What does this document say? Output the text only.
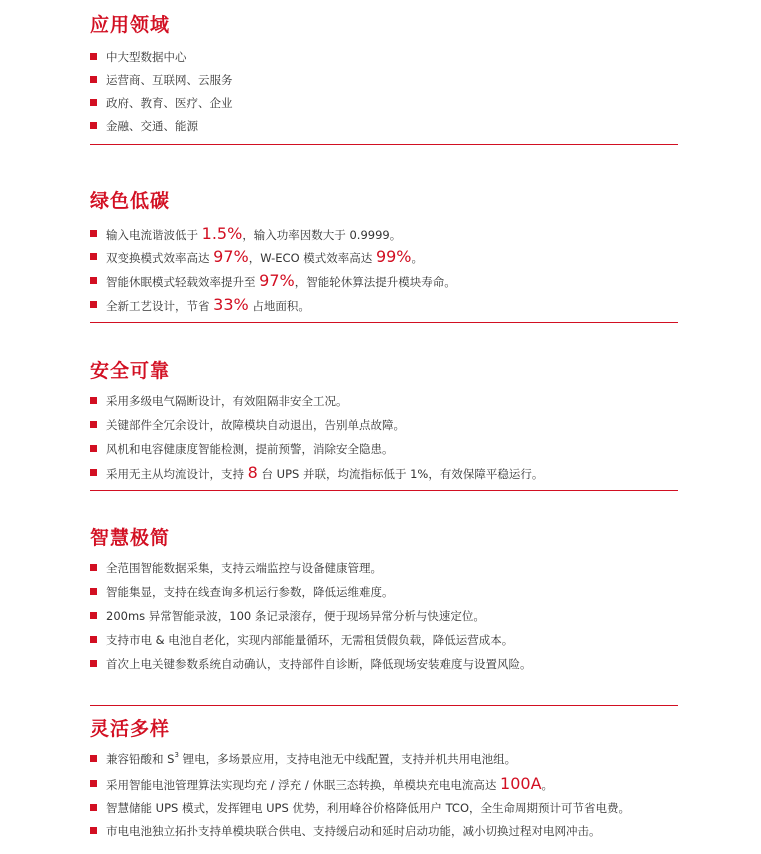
应用领域
中大型数据中心
运营商、互联网、云服务
政府、教育、医疗、企业
金融、交通、能源
绿色低碳
输入电流谐波低于 1.5%，输入功率因数大于 0.9999。
双变换模式效率高达 97%，W-ECO 模式效率高达 99%。
智能休眠模式轻载效率提升至 97%，智能轮休算法提升模块寿命。
全新工艺设计，节省 33% 占地面积。
安全可靠
采用多级电气隔断设计，有效阻隔非安全工况。
关键部件全冗余设计，故障模块自动退出，告别单点故障。
风机和电容健康度智能检测，提前预警，消除安全隐患。
采用无主从均流设计，支持 8 台 UPS 并联，均流指标低于 1%，有效保障平稳运行。
智慧极简
全范围智能数据采集，支持云端监控与设备健康管理。
智能集显，支持在线查询多机运行参数，降低运维难度。
200ms 异常智能录波，100 条记录滚存，便于现场异常分析与快速定位。
支持市电 & 电池自老化，实现内部能量循环，无需租赁假负载，降低运营成本。
首次上电关键参数系统自动确认，支持部件自诊断，降低现场安装难度与设置风险。
灵活多样
兼容铅酸和 $S^3$ 锂电，多场景应用，支持电池无中线配置，支持并机共用电池组。
采用智能电池管理算法实现均充 / 浮充 / 休眠三态转换，单模块充电电流高达 100A。
智慧储能 UPS 模式，发挥锂电 UPS 优势，利用峰谷价格降低用户 TCO，全生命周期预计可节省电费。
市电电池独立拓扑支持单模块联合供电、支持缓启动和延时启动功能，减小切换过程对电网冲击。
